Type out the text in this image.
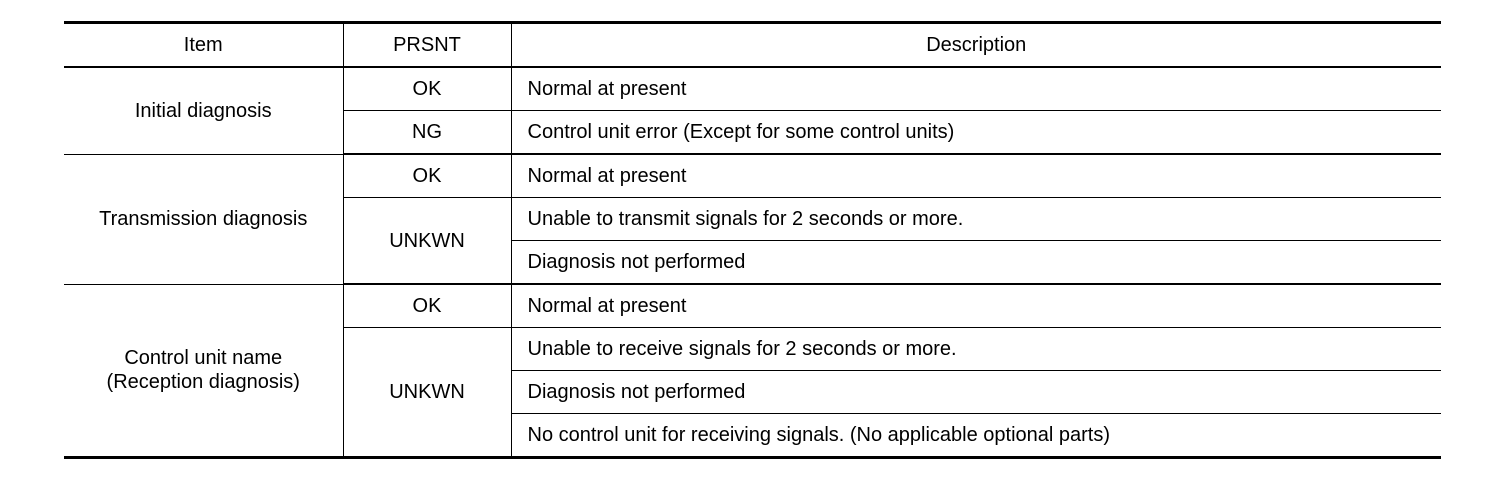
Item	PRSNT	Description
Initial diagnosis	OK	Normal at present
	NG	Control unit error (Except for some control units)
Transmission diagnosis	OK	Normal at present
	UNKWN	Unable to transmit signals for 2 seconds or more.
		Diagnosis not performed

Control unit name
(Reception diagnosis)	OK	Normal at present
	UNKWN	Unable to receive signals for 2 seconds or more.
		Diagnosis not performed
		No control unit for receiving signals. (No applicable optional parts)
